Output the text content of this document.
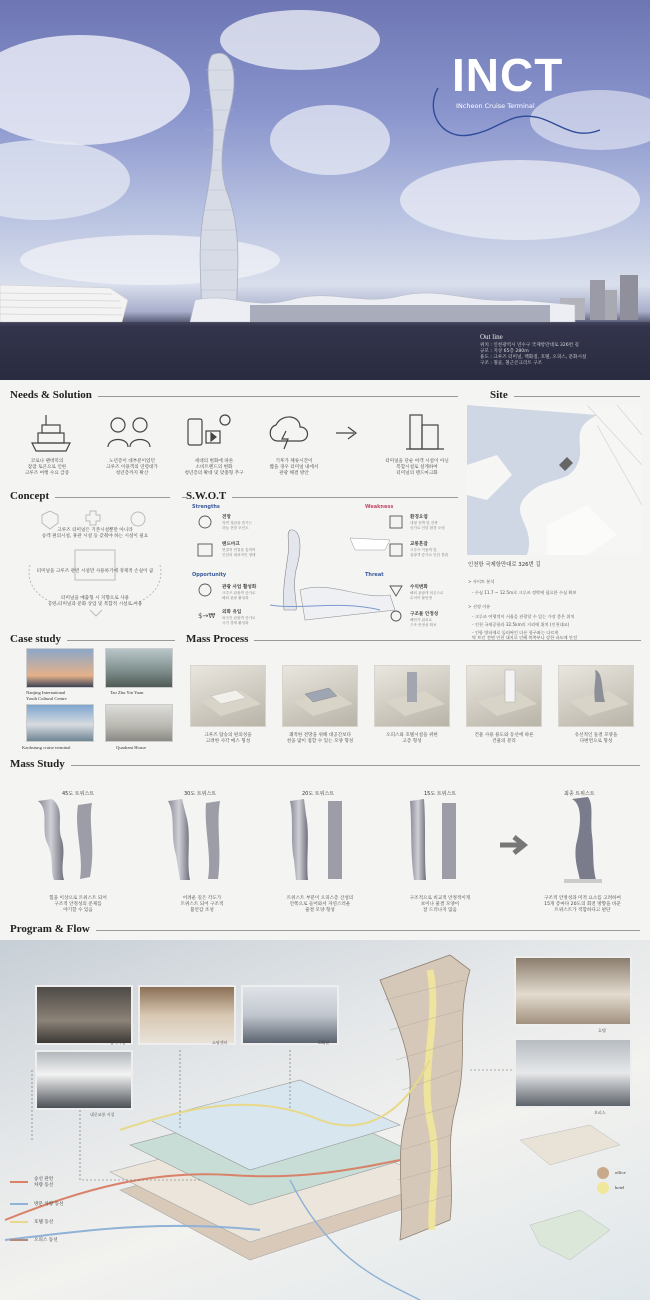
INCT
INcheon Cruise Terminal
Out line
위치 : 인천광역시 연수구 국제항만대로 326번 길
규모 : 지상 65층 280m
용도 : 크루즈 터미널, 백화점, 호텔, 오피스, 문화시설
구조 : 철골, 철근콘크리트 구조
Needs & Solution
코로나 팬데믹의
잠잠 토큰으로 인한
크루즈 여행 수요 급증
노년층이 대부분이었던
크루즈 이용객의 연령대가
청년층까지 확산
세대의 변화에 따른
소비트렌드의 변화
청년층의 확대 및 맞춤형 추구
기후가 체류시간이
짧을 경우 터미널 내에서
관광 해결 방안
터미널을 단순 여객 시설이 아닌
복합시설로 설계하여
터미널의 랜드마크화
Site
인천항 국제항만대로 326번 길
> 사이트 분석
- 수심 11.7 ~ 12.5m로 크루즈 정박에 필요한 수심 확보
> 선정 이유
- 크루즈 여행객이 서울을 관광할 수 있는 가장 좋은 위치
- 인천 국제공항과 32.5km의 거리에 위치 (인천대교)
- 인항 방파제로 둘러싸인 다른 항구와는 다르게
탁 트인 전면 인천 대지로 인해 북쪽부나 강한 파도에 안전
Concept
크루즈 터미널은 기본시설뿐만 아니라
승객 편의시설, 휴관 시설 등 갖춰야 하는 시설이 필요
터미널을 크루즈 관련 시설만 사용하기에 경제적 손실이 큼
터미널을 매출형 시 지향으로 사용
공연 터미널과 문화 상업 및 복합적 시설로 이용
S.W.O.T
Strengths	Weakness
Opportunity	Threat
전망
자연 경관을 즐기는
하늘 전망 포인트
랜드마크
연결적 연결을 통하여
인천의 대표적인 형태
환경오염
대형 선박 및 건축
증가로 인한 환경 오염
교통혼잡
크루즈 이용객 및
관광객 증가로 인한 혼잡
관광 사업 활성화
크루즈 관광객 증가로
해외 관광 활성화
외화 유입
외국인 관광객 증가로
국가 경제 활성화
수익변화
해외 관광객 의존으로
수익이 불안정
구조물 안정성
해안가 위치로
구조 안정성 확보
$→₩
Case study
Nanjing International
Youth Cultural Centre
Tao Zhu Yin Yuan
Kaohsiung cruise terminal	Quadrant House
Mass Process
크루즈 탑승의 편의성을
고려한 사각 매스 형성
쾌적한 전망을 위해 대공간보다
천을 많이 접할 수 있는 모양 형성
오피스와 호텔시설을 위한
고층 형성
건물 사용 용도와 동선에 따른
건물의 분리
유선적인 돌결 모양을
다변면으로 형성
Mass Study
45도 트위스트	30도 트위스트	20도 트위스트	15도 트위스트	최종 트위스트
힘을 이상으로 트위스트 되어
구조적 안정성의 문제를
야기할 수 있음
어려운 길은 각도가
트위스트 되어 구조적
불안감 조성
트위스트 부분이 오피스층 산성의
안쪽으로 들어와서 자연스러운
물결 모양 형성
구조적으로 비교적 안정적이게
보이나 물결 모양이
잘 드러나지 않음
구조적 안정성과 미적 요소를 고려하여
15개 층마다 20도의 회전 방향을 바꾼
트위스트가 적합하다고 판단
Program & Flow
놀이시설	쇼핑센터	CIQ실
대중교통 시설
호텔
오피스
office
hotel
승선 관련
차량 동선
방문 차량 동선
호텔 동선
오피스 동선
